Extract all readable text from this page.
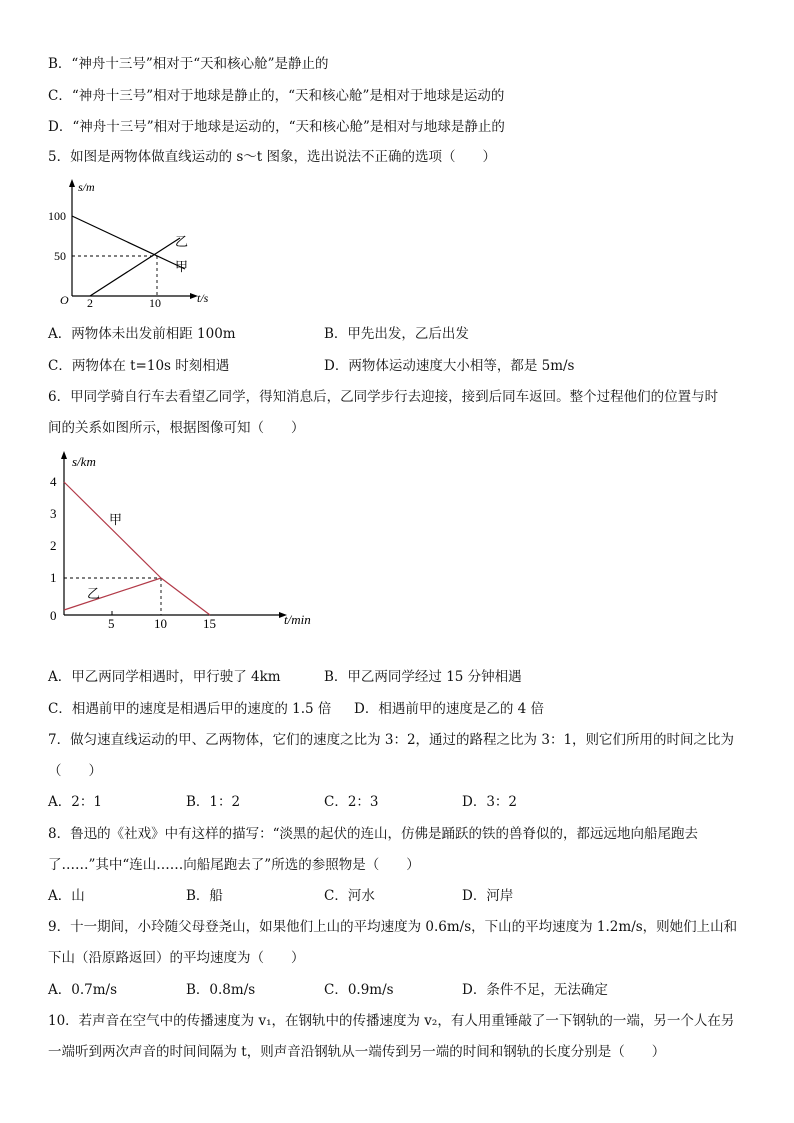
B．“神舟十三号”相对于“天和核心舱”是静止的
C．“神舟十三号”相对于地球是静止的，“天和核心舱”是相对于地球是运动的
D．“神舟十三号”相对于地球是运动的，“天和核心舱”是相对与地球是静止的
5．如图是两物体做直线运动的 s～t 图象，选出说法不正确的选项（　　）
s/m
t/s
O
100
50
2	10
乙
甲
A．两物体未出发前相距 100m	B．甲先出发，乙后出发
C．两物体在 t=10s 时刻相遇	D．两物体运动速度大小相等，都是 5m/s
6．甲同学骑自行车去看望乙同学，得知消息后，乙同学步行去迎接，接到后同车返回。整个过程他们的位置与时
间的关系如图所示，根据图像可知（　　）
s/km
t/min
4
3
2
1
0
5	10	15
甲
乙
A．甲乙两同学相遇时，甲行驶了 4km	B．甲乙两同学经过 15 分钟相遇
C．相遇前甲的速度是相遇后甲的速度的 1.5 倍 D．相遇前甲的速度是乙的 4 倍
7．做匀速直线运动的甲、乙两物体，它们的速度之比为 3：2，通过的路程之比为 3：1，则它们所用的时间之比为
（　　）
A．2：1	B．1：2	C．2：3	D．3：2
8．鲁迅的《社戏》中有这样的描写：“淡黑的起伏的连山，仿佛是踊跃的铁的兽脊似的，都远远地向船尾跑去
了……”其中“连山……向船尾跑去了”所选的参照物是（　　）
A．山	B．船	C．河水	D．河岸
9．十一期间，小玲随父母登尧山，如果他们上山的平均速度为 0.6m/s，下山的平均速度为 1.2m/s，则她们上山和
下山（沿原路返回）的平均速度为（　　）
A．0.7m/s	B．0.8m/s	C．0.9m/s	D．条件不足，无法确定
10．若声音在空气中的传播速度为 v₁，在钢轨中的传播速度为 v₂，有人用重锤敲了一下钢轨的一端，另一个人在另
一端听到两次声音的时间间隔为 t，则声音沿钢轨从一端传到另一端的时间和钢轨的长度分别是（　　）
